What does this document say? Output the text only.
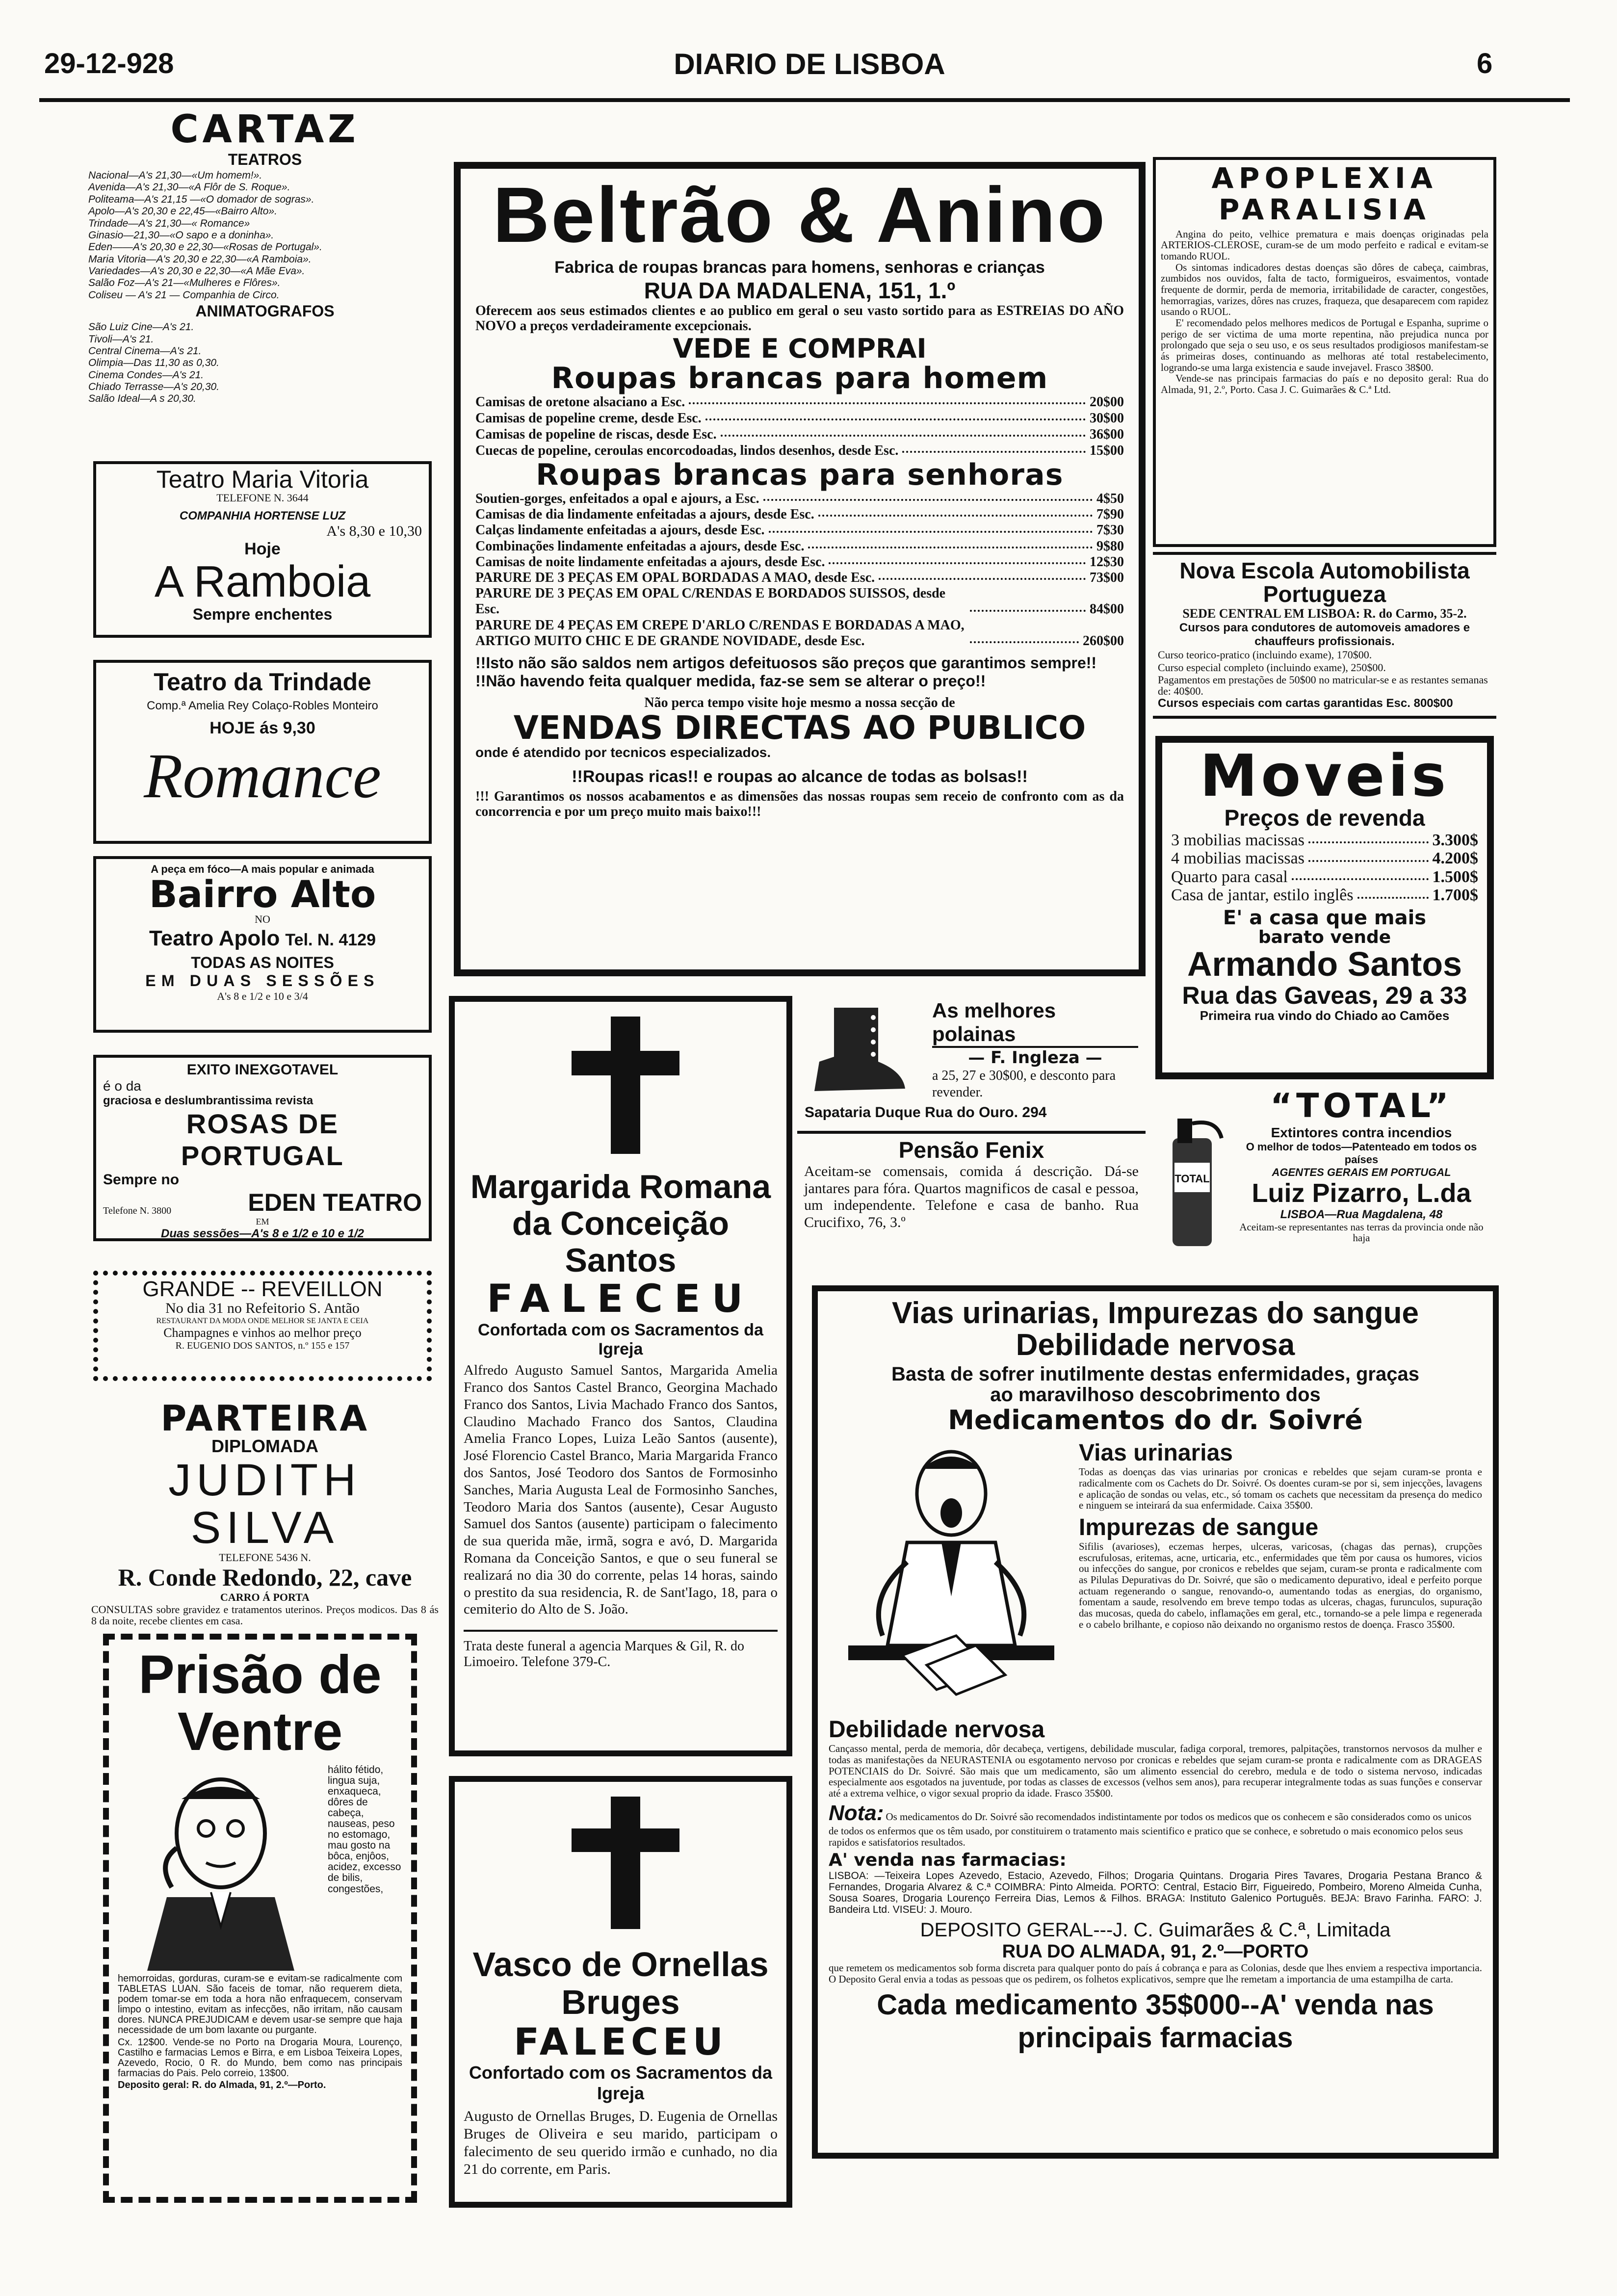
29-12-928	DIARIO DE LISBOA	6
CARTAZ
TEATROS
Nacional—A's 21,30—«Um homem!».
Avenida—A's 21,30—«A Flôr de S. Roque».
Politeama—A's 21,15 —«O domador de sogras».
Apolo—A's 20,30 e 22,45—«Bairro Alto».
Trindade—A's 21,30—« Romance»
Ginasio—21,30—«O sapo e a doninha».
Eden——A's 20,30 e 22,30—«Rosas de Portugal».
Maria Vitoria—A's 20,30 e 22,30—«A Ramboia».
Variedades—A's 20,30 e 22,30—«A Mãe Eva».
Salão Foz—A's 21—«Mulheres e Flôres».
Coliseu — A's 21 — Companhia de Circo.
ANIMATOGRAFOS
São Luiz Cine—A's 21.
Tivoli—A's 21.
Central Cinema—A's 21.
Olimpia—Das 11,30 as 0,30.
Cinema Condes—A's 21.
Chiado Terrasse—A's 20,30.
Salão Ideal—A s 20,30.
Teatro Maria Vitoria
TELEFONE N. 3644
COMPANHIA HORTENSE LUZ
A's 8,30 e 10,30
Hoje
A Ramboia
Sempre enchentes
Teatro da Trindade
Comp.ª Amelia Rey Colaço-Robles Monteiro
HOJE ás 9,30
Romance
A peça em fóco—A mais popular e animada
Bairro Alto
NO
Teatro Apolo Tel. N. 4129
TODAS AS NOITES
EM DUAS SESSÕES
A's 8 e 1/2 e 10 e 3/4
EXITO INEXGOTAVEL
é o da
graciosa e deslumbrantissima revista
ROSAS DE PORTUGAL
Sempre no
Telefone N. 3800	EDEN TEATRO
EM
Duas sessões—A's 8 e 1/2 e 10 e 1/2
GRANDE -- REVEILLON
No dia 31 no Refeitorio S. Antão
RESTAURANT DA MODA ONDE MELHOR SE JANTA E CEIA
Champagnes e vinhos ao melhor preço
R. EUGENIO DOS SANTOS, n.º 155 e 157
PARTEIRA
DIPLOMADA
JUDITH SILVA
TELEFONE 5436 N.
R. Conde Redondo, 22, cave
CARRO Á PORTA
CONSULTAS sobre gravidez e tratamentos uterinos. Preços modicos. Das 8 ás 8 da noite, recebe clientes em casa.
Prisão de Ventre
hálito fétido, lingua suja, enxaqueca, dôres de cabeça, nauseas, peso no estomago, mau gosto na bôca, enjôos, acidez, excesso de bilis, congestões,
hemorroidas, gorduras, curam-se e evitam-se radicalmente com TABLETAS LUAN. São faceis de tomar, não requerem dieta, podem tomar-se em toda a hora não enfraquecem, conservam limpo o intestino, evitam as infecções, não irritam, não causam dores. NUNCA PREJUDICAM e devem usar-se sempre que haja necessidade de um bom laxante ou purgante.
Cx. 12$00. Vende-se no Porto na Drogaria Moura, Lourenço, Castilho e farmacias Lemos e Birra, e em Lisboa Teixeira Lopes, Azevedo, Rocio, 0 R. do Mundo, bem como nas principais farmacias do Pais. Pelo correio, 13$00.
Deposito geral: R. do Almada, 91, 2.º—Porto.
Beltrão & Anino
Fabrica de roupas brancas para homens, senhoras e crianças
RUA DA MADALENA, 151, 1.º
Oferecem aos seus estimados clientes e ao publico em geral o seu vasto sortido para as ESTREIAS DO AÑO NOVO a preços verdadeiramente excepcionais.
VEDE E COMPRAI
Roupas brancas para homem
Camisas de oretone alsaciano a Esc.	20$00
Camisas de popeline creme, desde Esc.	30$00
Camisas de popeline de riscas, desde Esc.	36$00
Cuecas de popeline, ceroulas encorcodoadas, lindos desenhos, desde Esc.	15$00
Roupas brancas para senhoras
Soutien-gorges, enfeitados a opal e ajours, a Esc.	4$50
Camisas de dia lindamente enfeitadas a ajours, desde Esc.	7$90
Calças lindamente enfeitadas a ajours, desde Esc.	7$30
Combinações lindamente enfeitadas a ajours, desde Esc.	9$80
Camisas de noite lindamente enfeitadas a ajours, desde Esc.	12$30
PARURE DE 3 PEÇAS EM OPAL BORDADAS A MAO, desde Esc.	73$00
PARURE DE 3 PEÇAS EM OPAL C/RENDAS E BORDADOS SUISSOS, desde Esc.	84$00
PARURE DE 4 PEÇAS EM CREPE D'ARLO C/RENDAS E BORDADAS A MAO, ARTIGO MUITO CHIC E DE GRANDE NOVIDADE, desde Esc.	260$00
!!Isto não são saldos nem artigos defeituosos são preços que garantimos sempre!!
!!Não havendo feita qualquer medida, faz-se sem se alterar o preço!!
Não perca tempo visite hoje mesmo a nossa secção de
VENDAS DIRECTAS AO PUBLICO
onde é atendido por tecnicos especializados.
!!Roupas ricas!! e roupas ao alcance de todas as bolsas!!
!!! Garantimos os nossos acabamentos e as dimensões das nossas roupas sem receio de confronto com as da concorrencia e por um preço muito mais baixo!!!
Margarida Romana da Conceição Santos
FALECEU
Confortada com os Sacramentos da Igreja
Alfredo Augusto Samuel Santos, Margarida Amelia Franco dos Santos Castel Branco, Georgina Machado Franco dos Santos, Livia Machado Franco dos Santos, Claudino Machado Franco dos Santos, Claudina Amelia Franco Lopes, Luiza Leão Santos (ausente), José Florencio Castel Branco, Maria Margarida Franco dos Santos, José Teodoro dos Santos de Formosinho Sanches, Maria Augusta Leal de Formosinho Sanches, Teodoro Maria dos Santos (ausente), Cesar Augusto Samuel dos Santos (ausente) participam o falecimento de sua querida mãe, irmã, sogra e avó, D. Margarida Romana da Conceição Santos, e que o seu funeral se realizará no dia 30 do corrente, pelas 14 horas, saindo o prestito da sua residencia, R. de Sant'Iago, 18, para o cemiterio do Alto de S. João.
Trata deste funeral a agencia Marques & Gil, R. do Limoeiro. Telefone 379-C.
Vasco de Ornellas Bruges
FALECEU
Confortado com os Sacramentos da Igreja
Augusto de Ornellas Bruges, D. Eugenia de Ornellas Bruges de Oliveira e seu marido, participam o falecimento de seu querido irmão e cunhado, no dia 21 do corrente, em Paris.
As melhores polainas
— F. Ingleza —
a 25, 27 e 30$00, e desconto para revender.
Sapataria Duque Rua do Ouro. 294
Pensão Fenix
Aceitam-se comensais, comida á descrição. Dá-se jantares para fóra. Quartos magnificos de casal e pessoa, um independente. Telefone e casa de banho. Rua Crucifixo, 76, 3.º
APOPLEXIA
PARALISIA
Angina do peito, velhice prematura e mais doenças originadas pela ARTERIOS-CLEROSE, curam-se de um modo perfeito e radical e evitam-se tomando RUOL.
Os sintomas indicadores destas doenças são dôres de cabeça, caimbras, zumbidos nos ouvidos, falta de tacto, formigueiros, esvaimentos, vontade frequente de dormir, perda de memoria, irritabilidade de caracter, congestões, hemorragias, varizes, dôres nas cruzes, fraqueza, que desaparecem com rapidez usando o RUOL.
E' recomendado pelos melhores medicos de Portugal e Espanha, suprime o perigo de ser victima de uma morte repentina, não prejudica nunca por prolongado que seja o seu uso, e os seus resultados prodigiosos manifestam-se ás primeiras doses, continuando as melhoras até total restabelecimento, logrando-se uma larga existencia e saude invejavel. Frasco 38$00.
Vende-se nas principais farmacias do país e no deposito geral: Rua do Almada, 91, 2.º, Porto. Casa J. C. Guimarães & C.ª Ltd.
Nova Escola Automobilista Portugueza
SEDE CENTRAL EM LISBOA: R. do Carmo, 35-2.
Cursos para condutores de automoveis amadores e chauffeurs profissionais.
Curso teorico-pratico (incluindo exame), 170$00.
Curso especial completo (incluindo exame), 250$00.
Pagamentos em prestações de 50$00 no matricular-se e as restantes semanas de: 40$00.
Cursos especiais com cartas garantidas Esc. 800$00
Moveis
Preços de revenda
3 mobilias macissas	3.300$
4 mobilias macissas	4.200$
Quarto para casal	1.500$
Casa de jantar, estilo inglês	1.700$
E' a casa que mais
barato vende
Armando Santos
Rua das Gaveas, 29 a 33
Primeira rua vindo do Chiado ao Camões
TOTAL
“TOTAL”
Extintores contra incendios
O melhor de todos—Patenteado em todos os países
AGENTES GERAIS EM PORTUGAL
Luiz Pizarro, L.da
LISBOA—Rua Magdalena, 48
Aceitam-se representantes nas terras da provincia onde não haja
Vias urinarias, Impurezas do sangue
Debilidade nervosa
Basta de sofrer inutilmente destas enfermidades, graças
ao maravilhoso descobrimento dos
Medicamentos do dr. Soivré
Vias urinarias
Todas as doenças das vias urinarias por cronicas e rebeldes que sejam curam-se pronta e radicalmente com os Cachets do Dr. Soivré. Os doentes curam-se por si, sem injecções, lavagens e aplicação de sondas ou velas, etc., só tomam os cachets que necessitam da presença do medico e ninguem se inteirará da sua enfermidade. Caixa 35$00.
Impurezas de sangue
Sifilis (avarioses), eczemas herpes, ulceras, varicosas, (chagas das pernas), crupções escrufulosas, eritemas, acne, urticaria, etc., enfermidades que têm por causa os humores, vicios ou infecções do sangue, por cronicos e rebeldes que sejam, curam-se pronta e radicalmente com as Pilulas Depurativas do Dr. Soivré, que são o medicamento depurativo, ideal e perfeito porque actuam regenerando o sangue, renovando-o, aumentando todas as energias, do organismo, fomentam a saude, resolvendo em breve tempo todas as ulceras, chagas, furunculos, supuração das mucosas, queda do cabelo, inflamações em geral, etc., tornando-se a pele limpa e regenerada e o cabelo brilhante, e copioso não deixando no organismo restos de doença. Frasco 35$00.
Debilidade nervosa
Cançasso mental, perda de memoria, dôr decabeça, vertigens, debilidade muscular, fadiga corporal, tremores, palpitações, transtornos nervosos da mulher e todas as manifestações da NEURASTENIA ou esgotamento nervoso por cronicas e rebeldes que sejam curam-se pronta e radicalmente com as DRAGEAS POTENCIAIS do Dr. Soivré. São mais que um medicamento, são um alimento essencial do cerebro, medula e de todo o sistema nervoso, indicadas especialmente aos esgotados na juventude, por todas as classes de excessos (velhos sem anos), para recuperar integralmente todas as suas funções e conservar até a extrema velhice, o vigor sexual proprio da idade. Frasco 35$00.
Nota: Os medicamentos do Dr. Soivré são recomendados indistintamente por todos os medicos que os conhecem e são considerados como os unicos de todos os enfermos que os têm usado, por constituirem o tratamento mais scientifico e pratico que se conhece, e sobretudo o mais economico pelos seus rapidos e satisfatorios resultados.
A' venda nas farmacias:
LISBOA: —Teixeira Lopes Azevedo, Estacio, Azevedo, Filhos; Drogaria Quintans. Drogaria Pires Tavares, Drogaria Pestana Branco & Fernandes, Drogaria Alvarez & C.ª COIMBRA: Pinto Almeida. PORTO: Central, Estacio Birr, Figueiredo, Pombeiro, Moreno Almeida Cunha, Sousa Soares, Drogaria Lourenço Ferreira Dias, Lemos & Filhos. BRAGA: Instituto Galenico Português. BEJA: Bravo Farinha. FARO: J. Bandeira Ltd. VISEU: J. Mouro.
DEPOSITO GERAL---J. C. Guimarães & C.ª, Limitada
RUA DO ALMADA, 91, 2.º—PORTO
que remetem os medicamentos sob forma discreta para qualquer ponto do país á cobrança e para as Colonias, desde que lhes enviem a respectiva importancia. O Deposito Geral envia a todas as pessoas que os pedirem, os folhetos explicativos, sempre que lhe remetam a importancia de uma estampilha de carta.
Cada medicamento 35$000--A' venda nas principais farmacias
